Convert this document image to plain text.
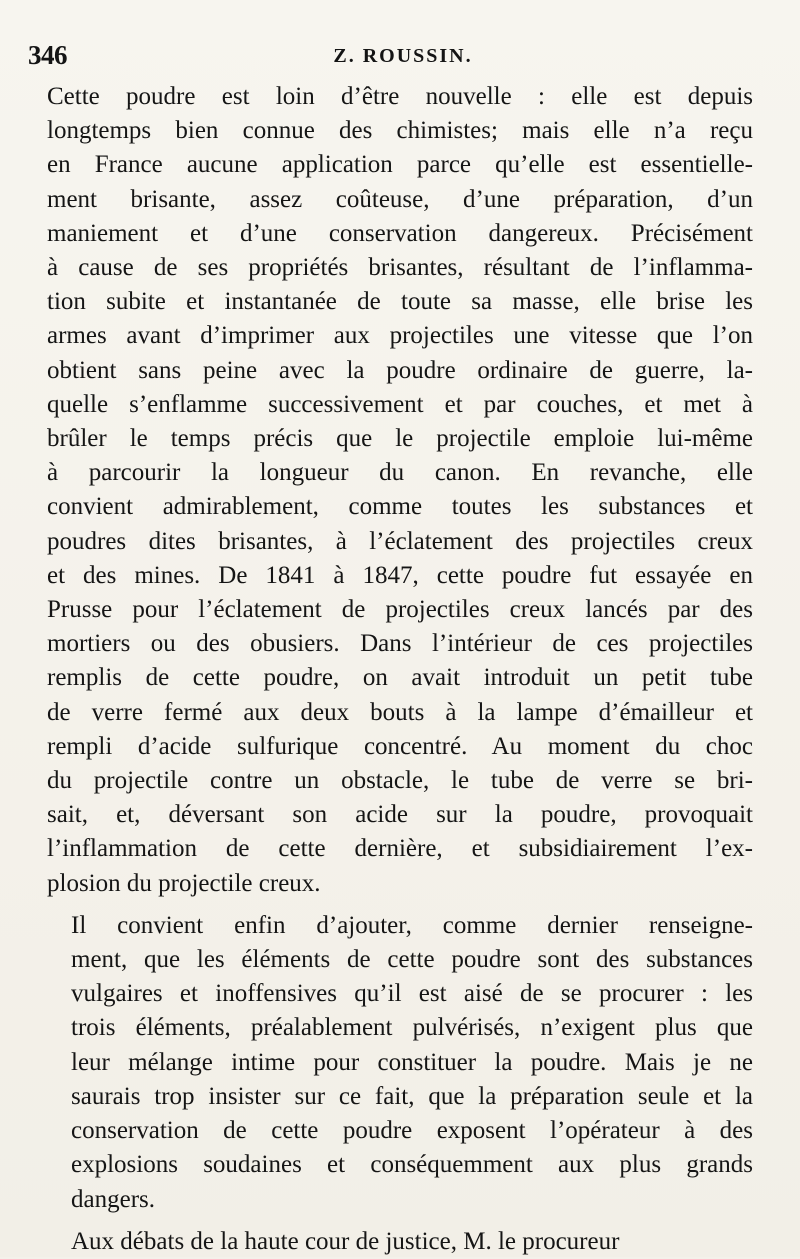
346	Z. ROUSSIN.

Cette poudre est loin d’être nouvelle : elle est depuis
longtemps bien connue des chimistes; mais elle n’a reçu
en France aucune application parce qu’elle est essentielle-
ment brisante, assez coûteuse, d’une préparation, d’un
maniement et d’une conservation dangereux. Précisément
à cause de ses propriétés brisantes, résultant de l’inflamma-
tion subite et instantanée de toute sa masse, elle brise les
armes avant d’imprimer aux projectiles une vitesse que l’on
obtient sans peine avec la poudre ordinaire de guerre, la-
quelle s’enflamme successivement et par couches, et met à
brûler le temps précis que le projectile emploie lui-même
à parcourir la longueur du canon. En revanche, elle
convient admirablement, comme toutes les substances et
poudres dites brisantes, à l’éclatement des projectiles creux
et des mines. De 1841 à 1847, cette poudre fut essayée en
Prusse pour l’éclatement de projectiles creux lancés par des
mortiers ou des obusiers. Dans l’intérieur de ces projectiles
remplis de cette poudre, on avait introduit un petit tube
de verre fermé aux deux bouts à la lampe d’émailleur et
rempli d’acide sulfurique concentré. Au moment du choc
du projectile contre un obstacle, le tube de verre se bri-
sait, et, déversant son acide sur la poudre, provoquait
l’inflammation de cette dernière, et subsidiairement l’ex-
plosion du projectile creux.

Il convient enfin d’ajouter, comme dernier renseigne-
ment, que les éléments de cette poudre sont des substances
vulgaires et inoffensives qu’il est aisé de se procurer : les
trois éléments, préalablement pulvérisés, n’exigent plus que
leur mélange intime pour constituer la poudre. Mais je ne
saurais trop insister sur ce fait, que la préparation seule et la
conservation de cette poudre exposent l’opérateur à des
explosions soudaines et conséquemment aux plus grands
dangers.

Aux débats de la haute cour de justice, M. le procureur
